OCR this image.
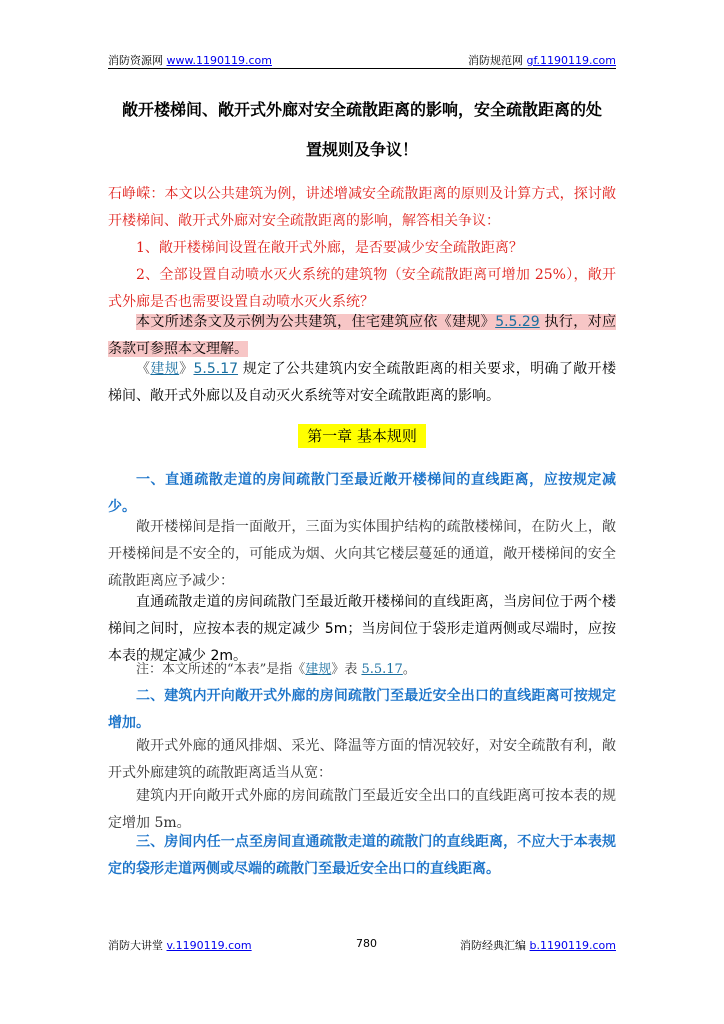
消防资源网 www.1190119.com	消防规范网 gf.1190119.com
敞开楼梯间、敞开式外廊对安全疏散距离的影响，安全疏散距离的处
置规则及争议！
石峥嵘：本文以公共建筑为例，讲述增减安全疏散距离的原则及计算方式，探讨敞开楼梯间、敞开式外廊对安全疏散距离的影响，解答相关争议：
1、敞开楼梯间设置在敞开式外廊，是否要减少安全疏散距离？
2、全部设置自动喷水灭火系统的建筑物（安全疏散距离可增加 25%），敞开式外廊是否也需要设置自动喷水灭火系统？
本文所述条文及示例为公共建筑，住宅建筑应依《建规》5.5.29 执行，对应条款可参照本文理解。
《建规》5.5.17 规定了公共建筑内安全疏散距离的相关要求，明确了敞开楼梯间、敞开式外廊以及自动灭火系统等对安全疏散距离的影响。
第一章 基本规则
一、直通疏散走道的房间疏散门至最近敞开楼梯间的直线距离，应按规定减少。
敞开楼梯间是指一面敞开，三面为实体围护结构的疏散楼梯间，在防火上，敞开楼梯间是不安全的，可能成为烟、火向其它楼层蔓延的通道，敞开楼梯间的安全疏散距离应予减少：
直通疏散走道的房间疏散门至最近敞开楼梯间的直线距离，当房间位于两个楼梯间之间时，应按本表的规定减少 5m；当房间位于袋形走道两侧或尽端时，应按本表的规定减少 2m。
注：本文所述的“本表”是指《建规》表 5.5.17。
二、建筑内开向敞开式外廊的房间疏散门至最近安全出口的直线距离可按规定增加。
敞开式外廊的通风排烟、采光、降温等方面的情况较好，对安全疏散有利，敞开式外廊建筑的疏散距离适当从宽：
建筑内开向敞开式外廊的房间疏散门至最近安全出口的直线距离可按本表的规定增加 5m。
三、房间内任一点至房间直通疏散走道的疏散门的直线距离，不应大于本表规定的袋形走道两侧或尽端的疏散门至最近安全出口的直线距离。
消防大讲堂 v.1190119.com	780	消防经典汇编 b.1190119.com
